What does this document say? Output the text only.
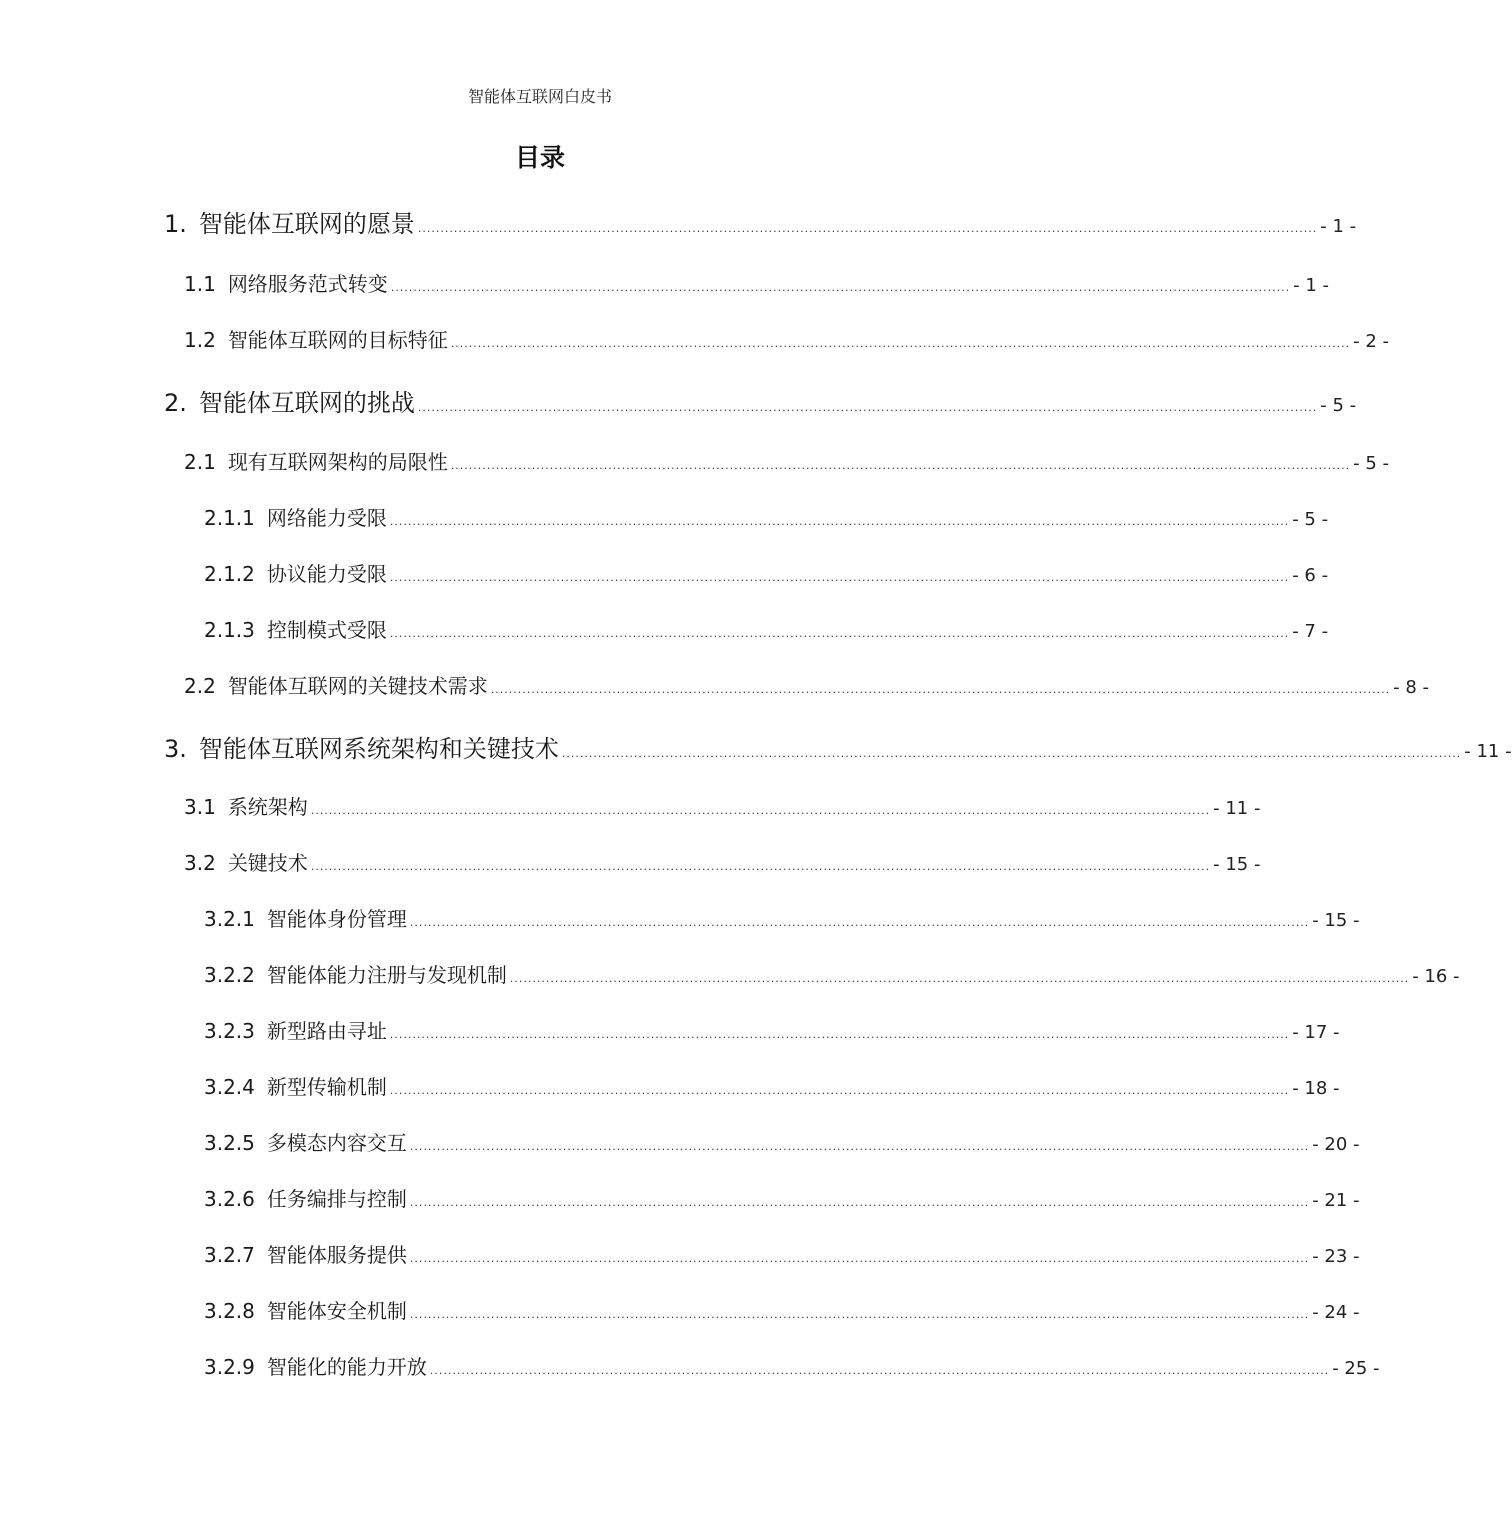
智能体互联网白皮书
目录
1. 智能体互联网的愿景 ........................................................................................................................................................................................................ - 1 -
1.1 网络服务范式转变 ........................................................................................................................................................................................................ - 1 -
1.2 智能体互联网的目标特征 ........................................................................................................................................................................................................ - 2 -
2. 智能体互联网的挑战 ........................................................................................................................................................................................................ - 5 -
2.1 现有互联网架构的局限性 ........................................................................................................................................................................................................ - 5 -
2.1.1 网络能力受限 ........................................................................................................................................................................................................ - 5 -
2.1.2 协议能力受限 ........................................................................................................................................................................................................ - 6 -
2.1.3 控制模式受限 ........................................................................................................................................................................................................ - 7 -
2.2 智能体互联网的关键技术需求 ........................................................................................................................................................................................................ - 8 -
3. 智能体互联网系统架构和关键技术 ........................................................................................................................................................................................................ - 11 -
3.1 系统架构 ........................................................................................................................................................................................................ - 11 -
3.2 关键技术 ........................................................................................................................................................................................................ - 15 -
3.2.1 智能体身份管理 ........................................................................................................................................................................................................ - 15 -
3.2.2 智能体能力注册与发现机制 ........................................................................................................................................................................................................ - 16 -
3.2.3 新型路由寻址 ........................................................................................................................................................................................................ - 17 -
3.2.4 新型传输机制 ........................................................................................................................................................................................................ - 18 -
3.2.5 多模态内容交互 ........................................................................................................................................................................................................ - 20 -
3.2.6 任务编排与控制 ........................................................................................................................................................................................................ - 21 -
3.2.7 智能体服务提供 ........................................................................................................................................................................................................ - 23 -
3.2.8 智能体安全机制 ........................................................................................................................................................................................................ - 24 -
3.2.9 智能化的能力开放 ........................................................................................................................................................................................................ - 25 -
